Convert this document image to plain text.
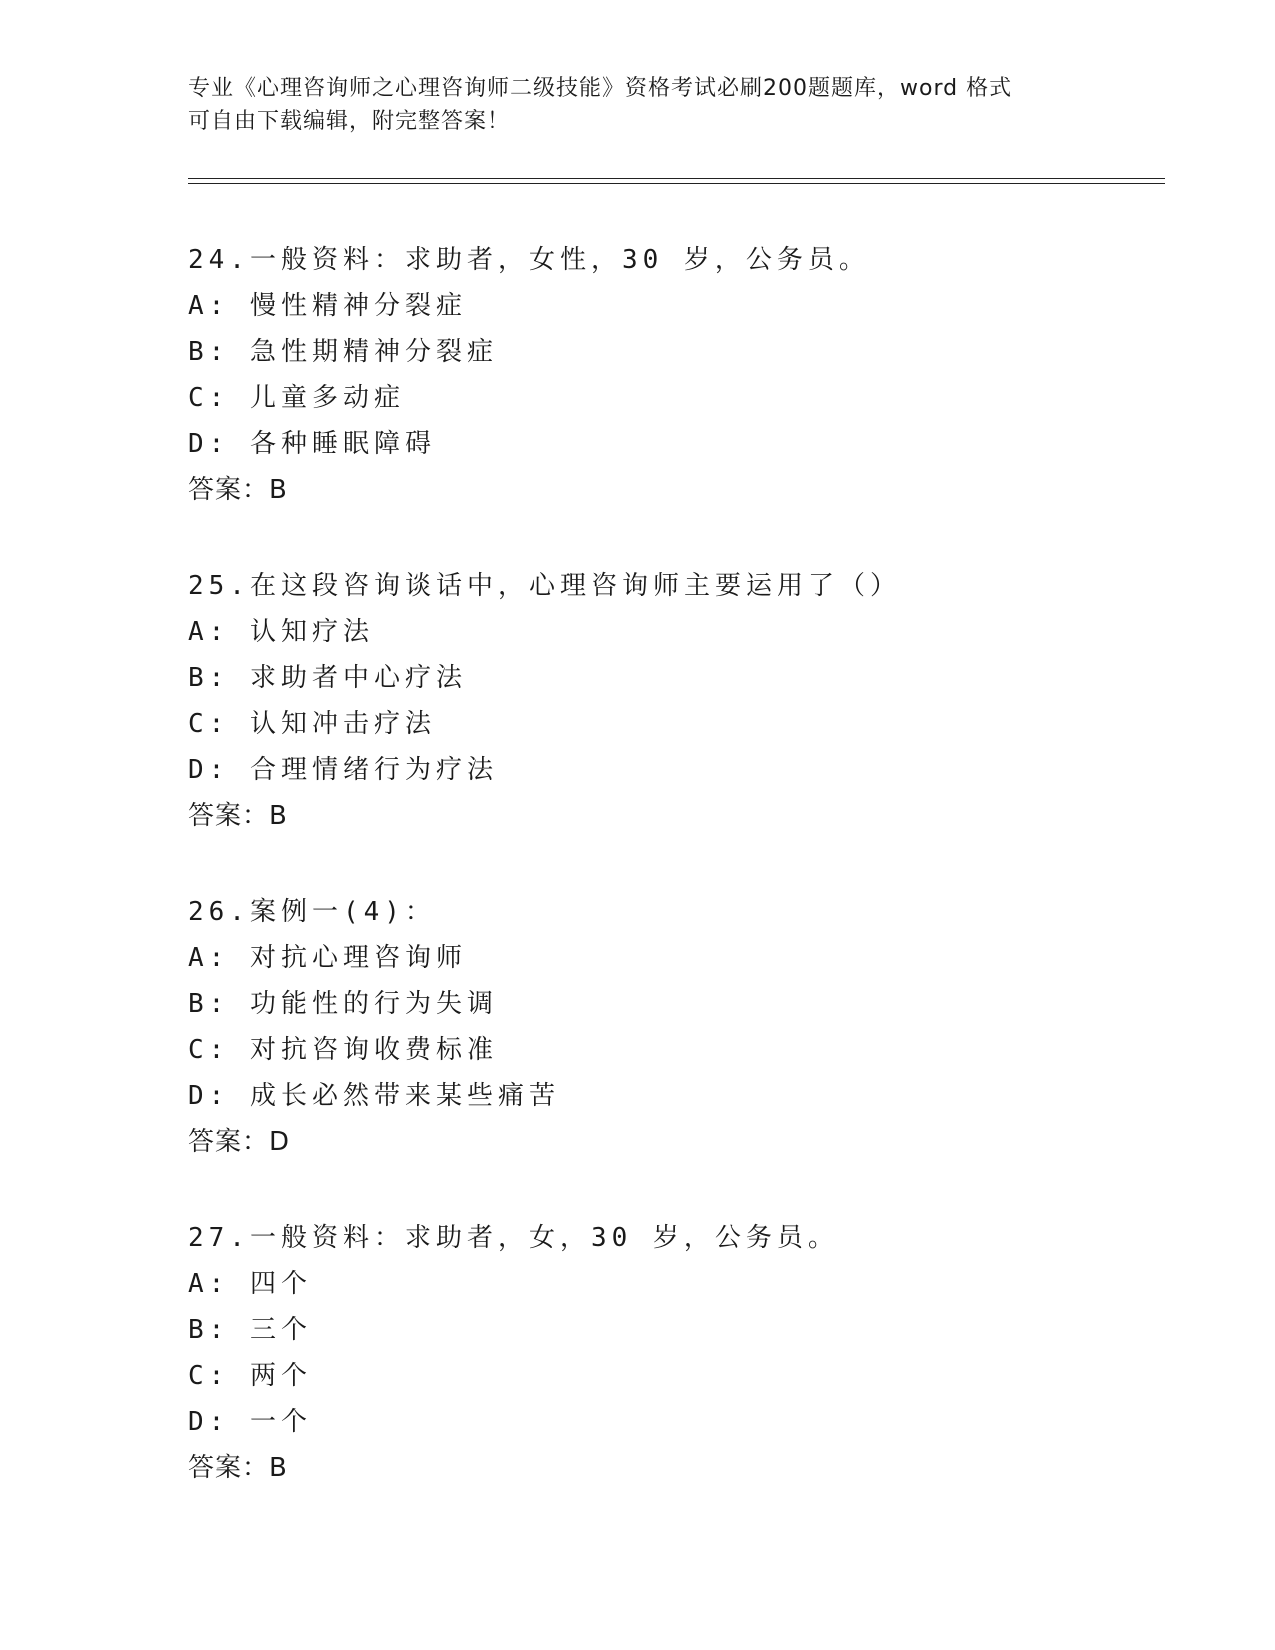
专业《心理咨询师之心理咨询师二级技能》资格考试必刷200题题库，word 格式
可自由下载编辑，附完整答案！
24.一般资料：求助者，女性，30 岁，公务员。
A: 慢性精神分裂症
B: 急性期精神分裂症
C: 儿童多动症
D: 各种睡眠障碍
答案：B
25.在这段咨询谈话中，心理咨询师主要运用了（）
A: 认知疗法
B: 求助者中心疗法
C: 认知冲击疗法
D: 合理情绪行为疗法
答案：B
26.案例一(4)：
A: 对抗心理咨询师
B: 功能性的行为失调
C: 对抗咨询收费标准
D: 成长必然带来某些痛苦
答案：D
27.一般资料：求助者，女，30 岁，公务员。
A: 四个
B: 三个
C: 两个
D: 一个
答案：B
